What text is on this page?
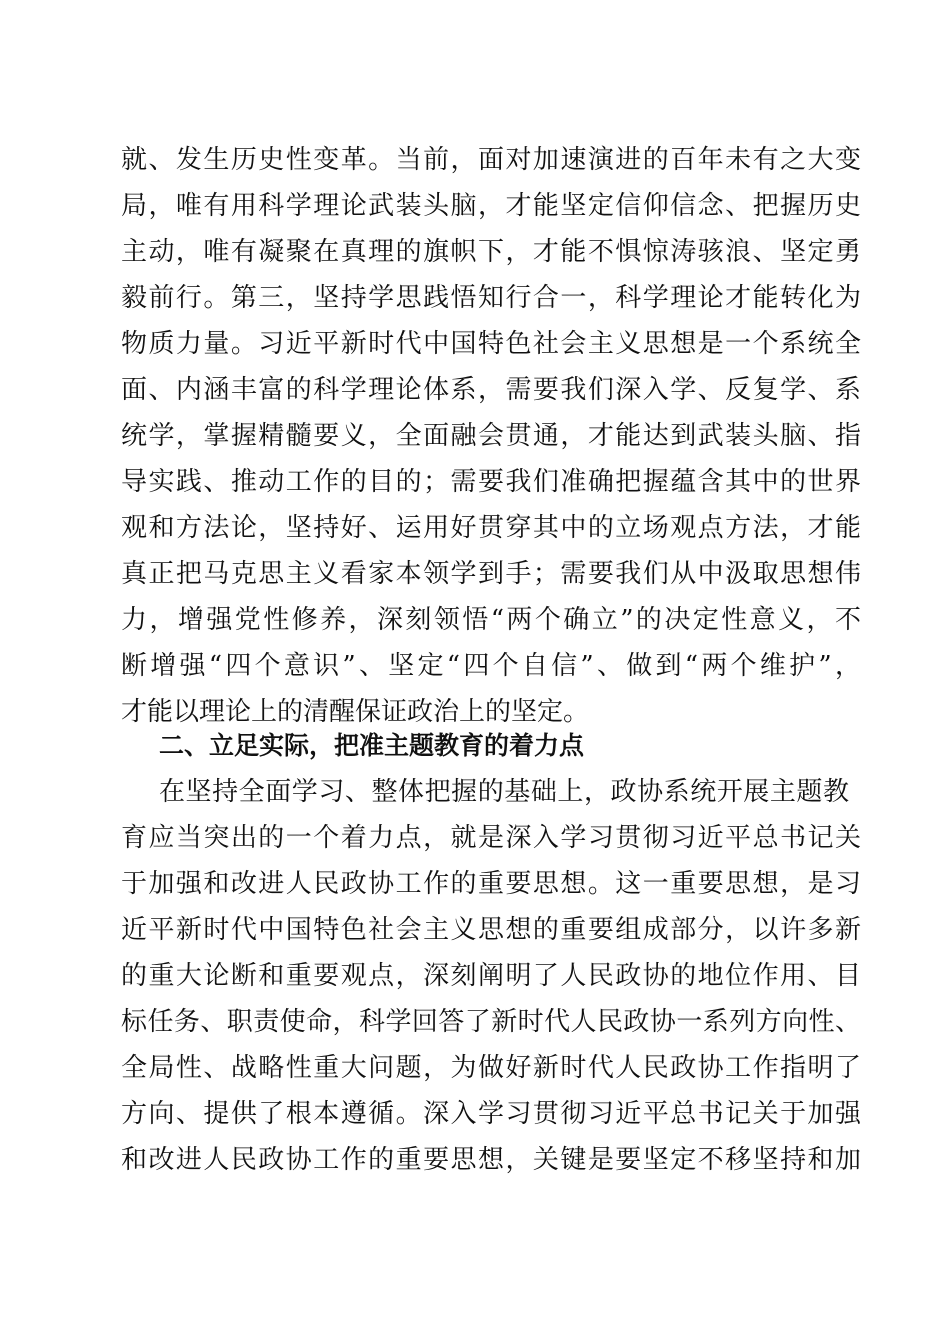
就、发生历史性变革。当前，面对加速演进的百年未有之大变
局，唯有用科学理论武装头脑，才能坚定信仰信念、把握历史
主动，唯有凝聚在真理的旗帜下，才能不惧惊涛骇浪、坚定勇
毅前行。第三，坚持学思践悟知行合一，科学理论才能转化为
物质力量。习近平新时代中国特色社会主义思想是一个系统全
面、内涵丰富的科学理论体系，需要我们深入学、反复学、系
统学，掌握精髓要义，全面融会贯通，才能达到武装头脑、指
导实践、推动工作的目的；需要我们准确把握蕴含其中的世界
观和方法论，坚持好、运用好贯穿其中的立场观点方法，才能
真正把马克思主义看家本领学到手；需要我们从中汲取思想伟
力，增强党性修养，深刻领悟“两个确立”的决定性意义，不
断增强“四个意识”、坚定“四个自信”、做到“两个维护”，
才能以理论上的清醒保证政治上的坚定。
二、立足实际，把准主题教育的着力点
在坚持全面学习、整体把握的基础上，政协系统开展主题教
育应当突出的一个着力点，就是深入学习贯彻习近平总书记关
于加强和改进人民政协工作的重要思想。这一重要思想，是习
近平新时代中国特色社会主义思想的重要组成部分，以许多新
的重大论断和重要观点，深刻阐明了人民政协的地位作用、目
标任务、职责使命，科学回答了新时代人民政协一系列方向性、
全局性、战略性重大问题，为做好新时代人民政协工作指明了
方向、提供了根本遵循。深入学习贯彻习近平总书记关于加强
和改进人民政协工作的重要思想，关键是要坚定不移坚持和加
